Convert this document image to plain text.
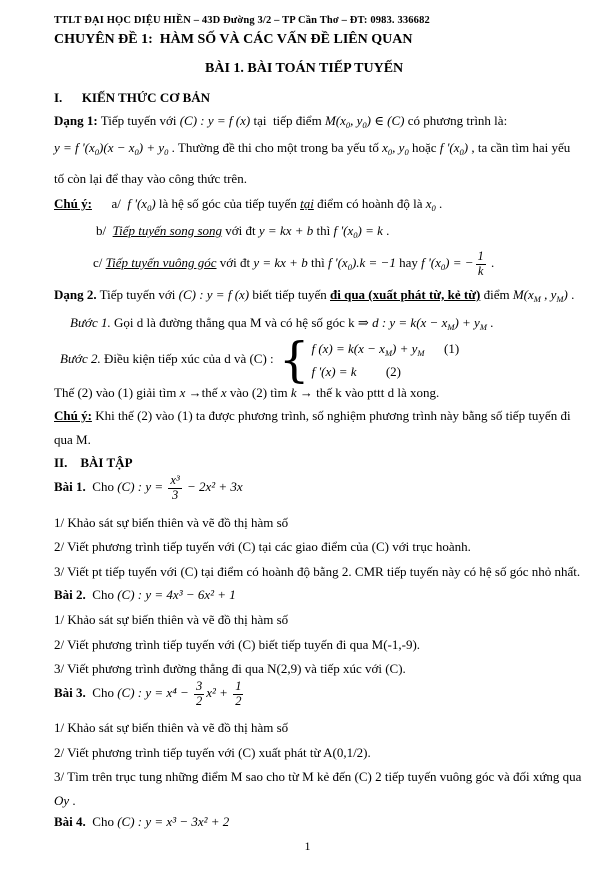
TTLT ĐẠI HỌC DIỆU HIỀN – 43D Đường 3/2 – TP Cần Thơ – ĐT: 0983. 336682
CHUYÊN ĐỀ 1:  HÀM SỐ VÀ CÁC VẤN ĐỀ LIÊN QUAN
BÀI 1. BÀI TOÁN TIẾP TUYẾN
I. KIẾN THỨC CƠ BẢN
Dạng 1: Tiếp tuyến với (C) : y = f (x) tại  tiếp điểm $M(x_0$, $y_0$) ∈ (C) có phương trình là:
y = f '$(x_0)(x - x_0) + y_0$ . Thường đề thi cho một trong ba yếu tố $x_0$, $y_0$ hoặc f '$(x_0)$ , ta cần tìm hai yếu
tố còn lại để thay vào công thức trên.
Chú ý:      a/  f '$(x_0)$ là hệ số góc của tiếp tuyến tại điểm có hoành độ là $x_0$ .
b/  Tiếp tuyến song song với đt y = kx + b thì f '$(x_0) = k$ .
c/ Tiếp tuyến vuông góc với đt y = kx + b thì f '$(x_0).k = -1$ hay f '$(x_0)$ = − $\frac{1}{k}$ .
Dạng 2. Tiếp tuyến với (C) : y = f (x) biết tiếp tuyến đi qua (xuất phát từ, kẻ từ) điểm $M(x_M$ , $y_M$) .
Bước 1. Gọi d là đường thẳng qua M và có hệ số góc k ⇒ d : $y = k(x - x_M) + y_M$ .
Bước 2. Điều kiện tiếp xúc của d và (C) : { f $(x) = k(x - x_M) + y_M$      (1)
f '(x) = k         (2)
Thế (2) vào (1) giải tìm x →thế x vào (2) tìm k → thế k vào pttt d là xong.
Chú ý: Khi thế (2) vào (1) ta được phương trình, số nghiệm phương trình này bằng số tiếp tuyến đi
qua M.
II. BÀI TẬP
Bài 1.  Cho (C) : $y = \frac{\text{x³}}{3} - 2x^2 + 3x$
1/ Khảo sát sự biến thiên và vẽ đồ thị hàm số
2/ Viết phương trình tiếp tuyến với (C) tại các giao điểm của (C) với trục hoành.
3/ Viết pt tiếp tuyến với (C) tại điểm có hoành độ bằng 2. CMR tiếp tuyến này có hệ số góc nhỏ nhất.
Bài 2.  Cho (C) : y = 4x³ − 6x² + 1
1/ Khảo sát sự biến thiên và vẽ đồ thị hàm số
2/ Viết phương trình tiếp tuyến với (C) biết tiếp tuyến đi qua M(-1,-9).
3/ Viết phương trình đường thẳng đi qua N(2,9) và tiếp xúc với (C).
Bài 3.  Cho (C) : $y = x^4 - \frac{3}{2} x^2 + \frac{1}{2}$
1/ Khảo sát sự biến thiên và vẽ đồ thị hàm số
2/ Viết phương trình tiếp tuyến với (C) xuất phát từ A(0,1/2).
3/ Tìm trên trục tung những điểm M sao cho từ M kẻ đến (C) 2 tiếp tuyến vuông góc và đối xứng qua
Oy .
Bài 4.  Cho (C) : y = x³ − 3x² + 2
1
